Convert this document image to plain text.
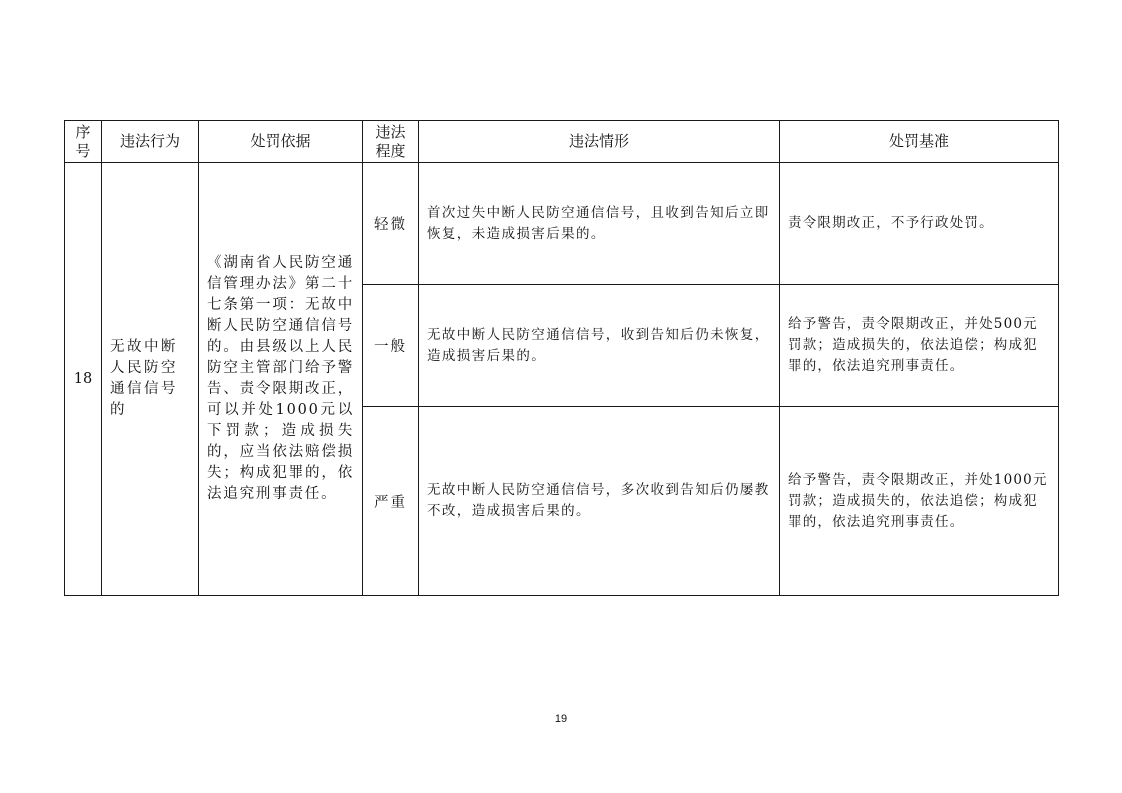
序号	违法行为	处罚依据	违法程度	违法情形	处罚基准
18	无故中断人民防空通信信号的	《湖南省人民防空通信管理办法》第二十七条第一项：无故中断人民防空通信信号的。由县级以上人民防空主管部门给予警告、责令限期改正，可以并处1000元以下罚款；造成损失的，应当依法赔偿损失；构成犯罪的，依法追究刑事责任。	轻微	首次过失中断人民防空通信信号，且收到告知后立即恢复，未造成损害后果的。	责令限期改正，不予行政处罚。
			一般	无故中断人民防空通信信号，收到告知后仍未恢复，造成损害后果的。	给予警告，责令限期改正，并处500元罚款；造成损失的，依法追偿；构成犯罪的，依法追究刑事责任。
			严重	无故中断人民防空通信信号，多次收到告知后仍屡教不改，造成损害后果的。	给予警告，责令限期改正，并处1000元罚款；造成损失的，依法追偿；构成犯罪的，依法追究刑事责任。
19
